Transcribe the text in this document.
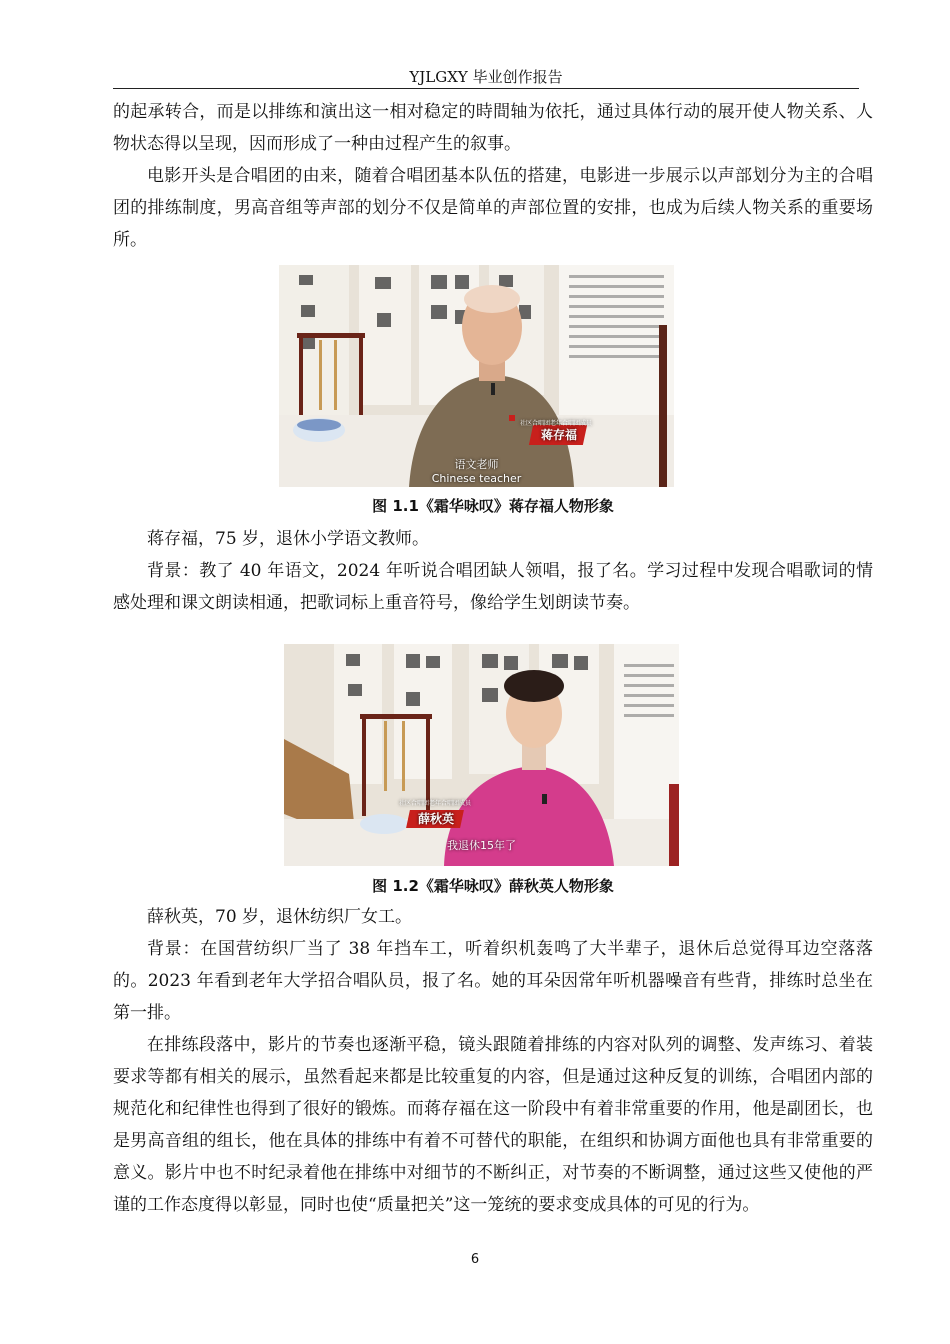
YJLGXY 毕业创作报告

的起承转合，而是以排练和演出这一相对稳定的時間轴为依托，通过具体行动的展开使人物关系、人物状态得以呈现，因而形成了一种由过程产生的叙事。

电影开头是合唱团的由来，随着合唱团基本队伍的搭建，电影进一步展示以声部划分为主的合唱团的排练制度，男高音组等声部的划分不仅是简单的声部位置的安排，也成为后续人物关系的重要场所。

社区合唱团老年合唱团成员
蒋存福
语文老师
Chinese teacher
图 1.1《霜华咏叹》蒋存福人物形象

蒋存福，75 岁，退休小学语文教师。

背景：教了 40 年语文，2024 年听说合唱团缺人领唱，报了名。学习过程中发现合唱歌词的情感处理和课文朗读相通，把歌词标上重音符号，像给学生划朗读节奏。

社区合唱团老年合唱团成员
薛秋英
我退休15年了
图 1.2《霜华咏叹》薛秋英人物形象

薛秋英，70 岁，退休纺织厂女工。

背景：在国营纺织厂当了 38 年挡车工，听着织机轰鸣了大半辈子，退休后总觉得耳边空落落的。2023 年看到老年大学招合唱队员，报了名。她的耳朵因常年听机器噪音有些背，排练时总坐在第一排。

在排练段落中，影片的节奏也逐渐平稳，镜头跟随着排练的内容对队列的调整、发声练习、着装要求等都有相关的展示，虽然看起来都是比较重复的内容，但是通过这种反复的训练，合唱团内部的规范化和纪律性也得到了很好的锻炼。而蒋存福在这一阶段中有着非常重要的作用，他是副团长，也是男高音组的组长，他在具体的排练中有着不可替代的职能，在组织和协调方面他也具有非常重要的意义。影片中也不时纪录着他在排练中对细节的不断纠正，对节奏的不断调整，通过这些又使他的严谨的工作态度得以彰显，同时也使“质量把关”这一笼统的要求变成具体的可见的行为。

6
